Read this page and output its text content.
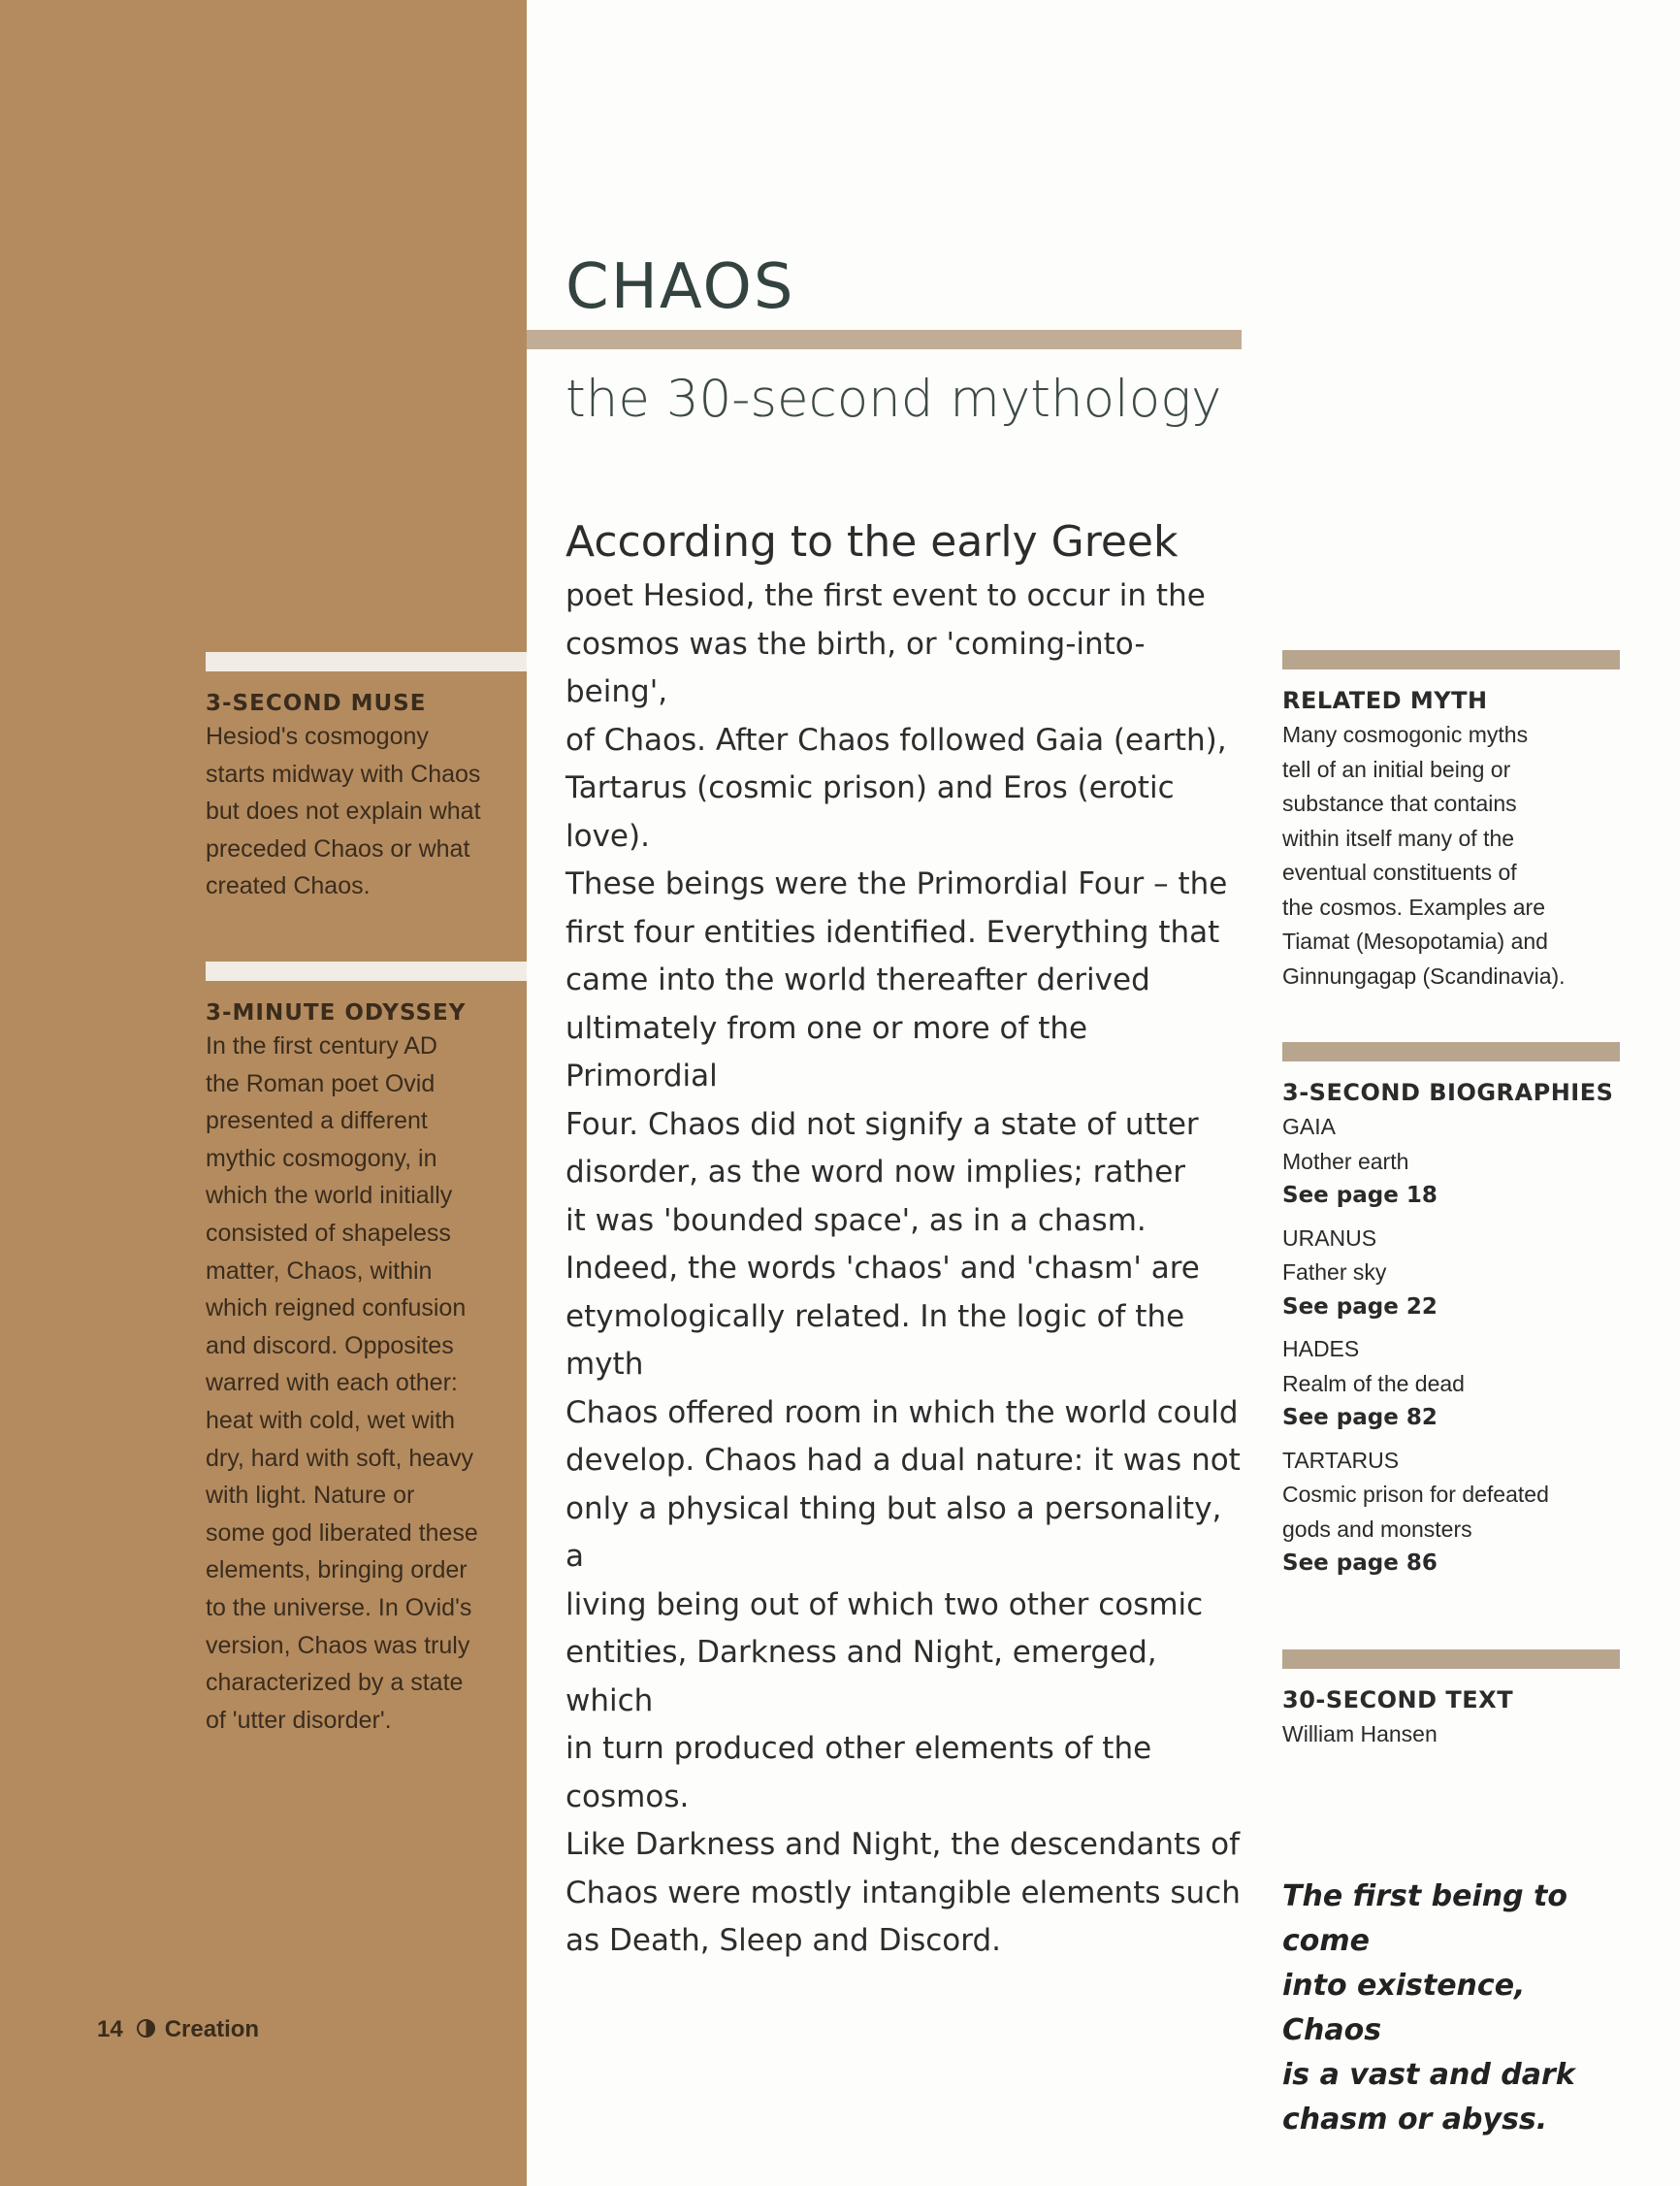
3-SECOND MUSE
Hesiod's cosmogony
starts midway with Chaos
but does not explain what
preceded Chaos or what
created Chaos.
3-MINUTE ODYSSEY
In the first century AD
the Roman poet Ovid
presented a different
mythic cosmogony, in
which the world initially
consisted of shapeless
matter, Chaos, within
which reigned confusion
and discord. Opposites
warred with each other:
heat with cold, wet with
dry, hard with soft, heavy
with light. Nature or
some god liberated these
elements, bringing order
to the universe. In Ovid's
version, Chaos was truly
characterized by a state
of 'utter disorder'.
14 Creation
CHAOS
the 30-second mythology
According to the early Greek
poet Hesiod, the first event to occur in the
cosmos was the birth, or 'coming-into-being',
of Chaos. After Chaos followed Gaia (earth),
Tartarus (cosmic prison) and Eros (erotic love).
These beings were the Primordial Four – the
first four entities identified. Everything that
came into the world thereafter derived
ultimately from one or more of the Primordial
Four. Chaos did not signify a state of utter
disorder, as the word now implies; rather
it was 'bounded space', as in a chasm.
Indeed, the words 'chaos' and 'chasm' are
etymologically related. In the logic of the myth
Chaos offered room in which the world could
develop. Chaos had a dual nature: it was not
only a physical thing but also a personality, a
living being out of which two other cosmic
entities, Darkness and Night, emerged, which
in turn produced other elements of the cosmos.
Like Darkness and Night, the descendants of
Chaos were mostly intangible elements such
as Death, Sleep and Discord.
RELATED MYTH
Many cosmogonic myths
tell of an initial being or
substance that contains
within itself many of the
eventual constituents of
the cosmos. Examples are
Tiamat (Mesopotamia) and
Ginnungagap (Scandinavia).
3-SECOND BIOGRAPHIES
GAIA
Mother earth
See page 18
URANUS
Father sky
See page 22
HADES
Realm of the dead
See page 82
TARTARUS
Cosmic prison for defeated
gods and monsters
See page 86
30-SECOND TEXT
William Hansen
The first being to come
into existence, Chaos
is a vast and dark
chasm or abyss.
